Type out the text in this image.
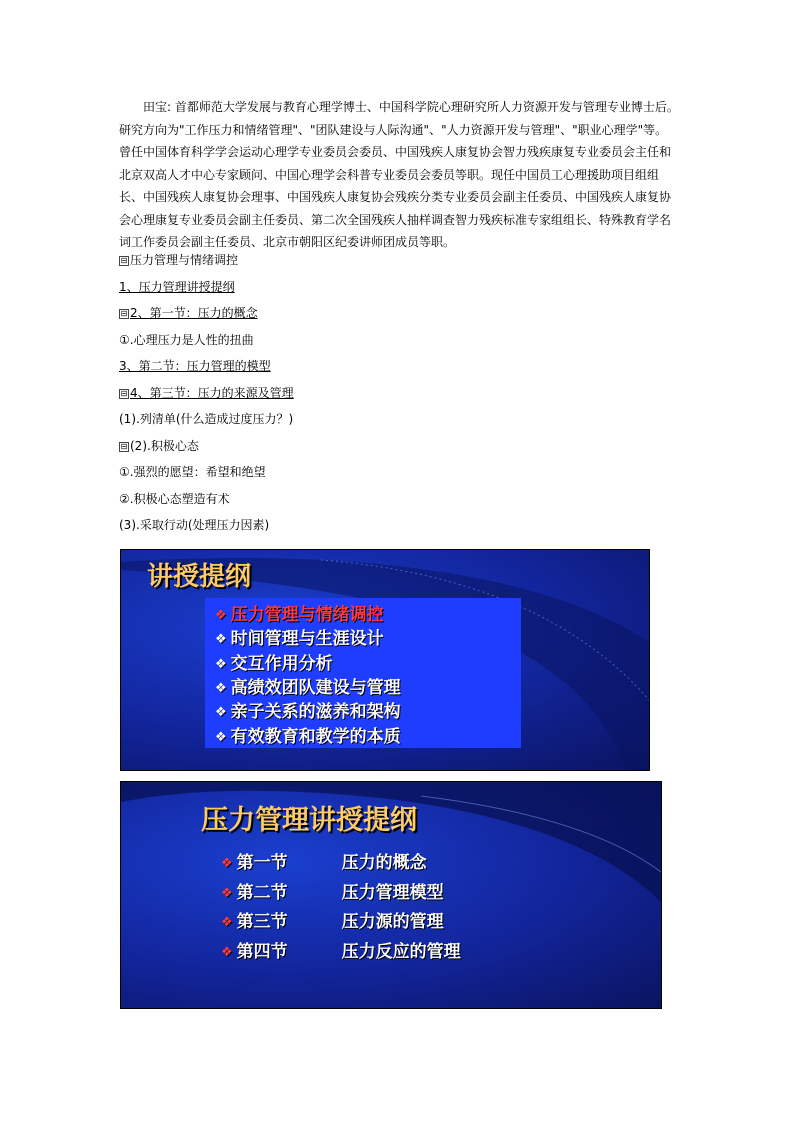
田宝: 首都师范大学发展与教育心理学博士、中国科学院心理研究所人力资源开发与管理专业博士后。研究方向为"工作压力和情绪管理"、"团队建设与人际沟通"、"人力资源开发与管理"、"职业心理学"等。曾任中国体育科学学会运动心理学专业委员会委员、中国残疾人康复协会智力残疾康复专业委员会主任和北京双高人才中心专家顾问、中国心理学会科普专业委员会委员等职。现任中国员工心理援助项目组组长、中国残疾人康复协会理事、中国残疾人康复协会残疾分类专业委员会副主任委员、中国残疾人康复协会心理康复专业委员会副主任委员、第二次全国残疾人抽样调查智力残疾标准专家组组长、特殊教育学名词工作委员会副主任委员、北京市朝阳区纪委讲师团成员等职。

⊟ 压力管理与情绪调控
1、压力管理讲授提纲
⊟ 2、第一节：压力的概念
①.心理压力是人性的扭曲
3、第二节：压力管理的模型
⊟ 4、第三节：压力的来源及管理
(1).列清单(什么造成过度压力？)
⊟ (2).积极心态
①.强烈的愿望：希望和绝望
②.积极心态塑造有术
(3).采取行动(处理压力因素)
讲授提纲
❖ 压力管理与情绪调控
❖ 时间管理与生涯设计
❖ 交互作用分析
❖ 高绩效团队建设与管理
❖ 亲子关系的滋养和架构
❖ 有效教育和教学的本质
压力管理讲授提纲
❖ 第一节	压力的概念
❖ 第二节	压力管理模型
❖ 第三节	压力源的管理
❖ 第四节	压力反应的管理
